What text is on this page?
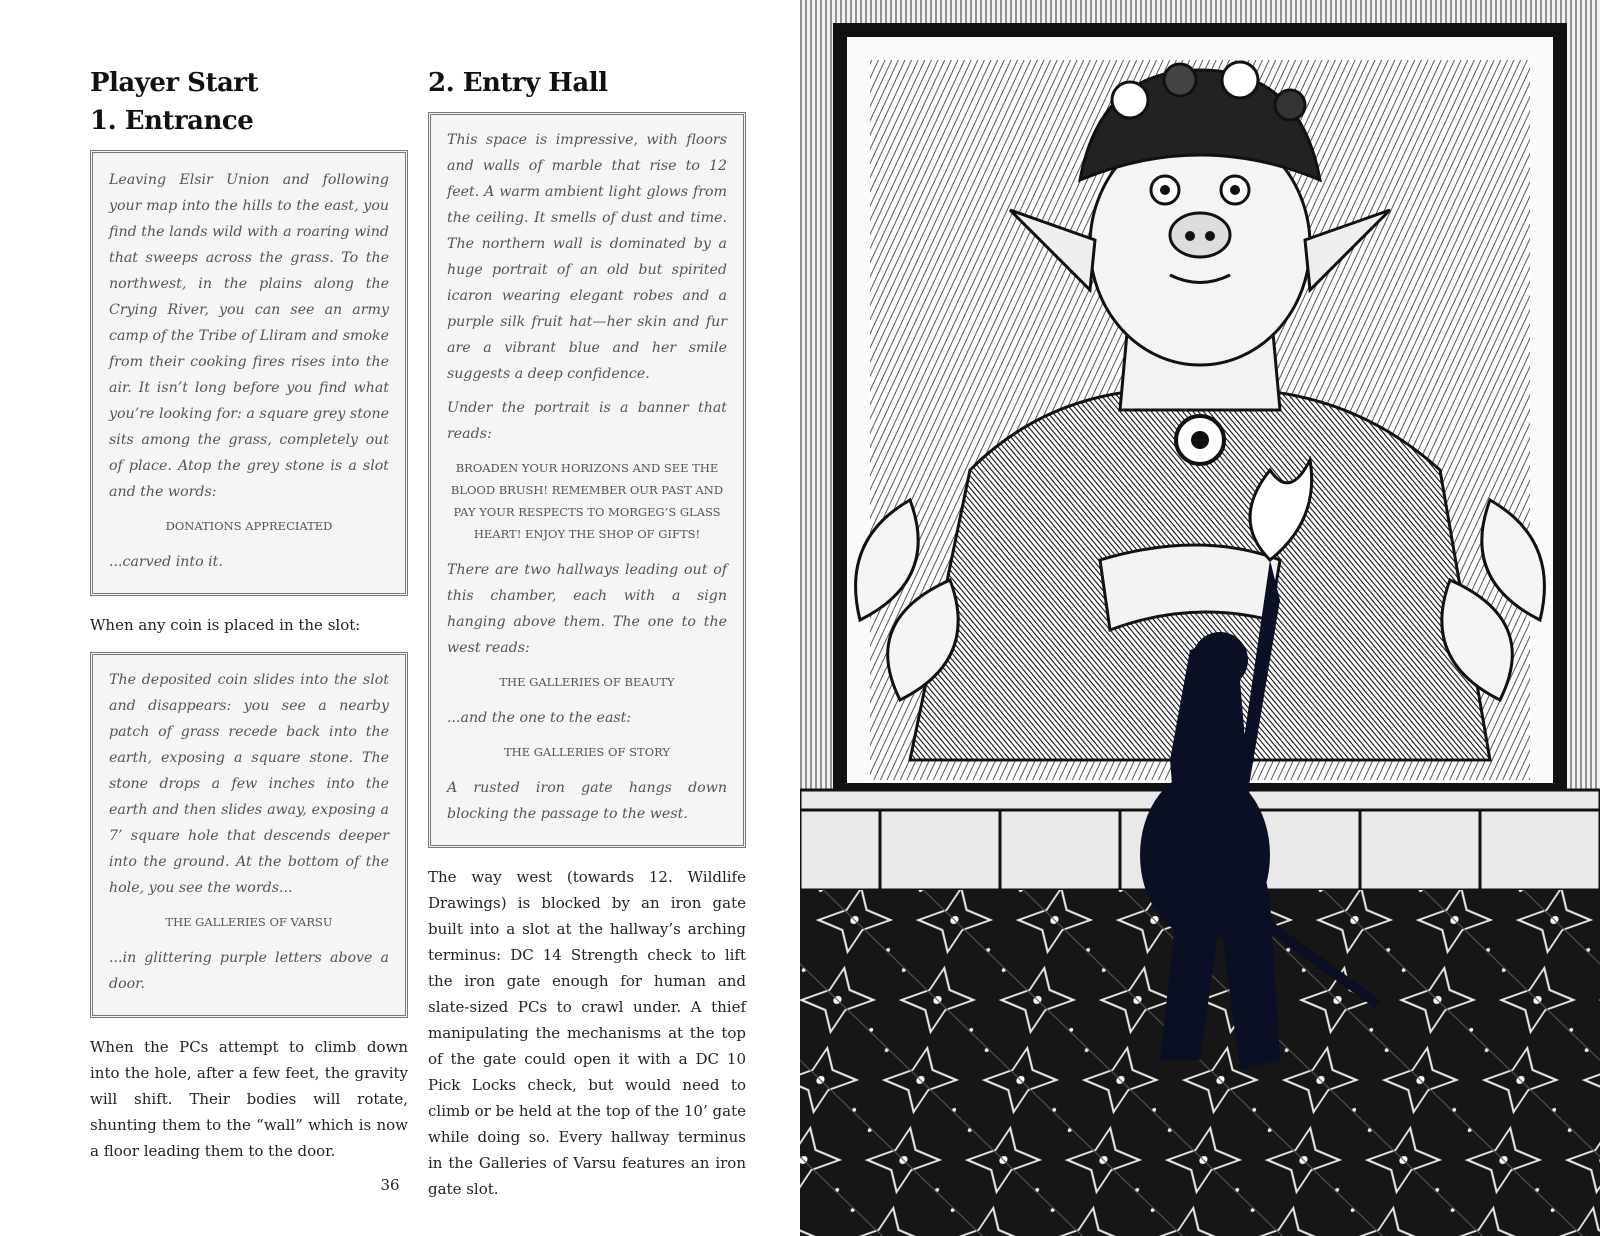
Player Start
1. Entrance

Leaving Elsir Union and following your map into the hills to the east, you find the lands wild with a roaring wind that sweeps across the grass. To the northwest, in the plains along the Crying River, you can see an army camp of the Tribe of Lliram and smoke from their cooking fires rises into the air. It isn’t long before you find what you’re looking for: a square grey stone sits among the grass, completely out of place. Atop the grey stone is a slot and the words:

DONATIONS APPRECIATED

...carved into it.

When any coin is placed in the slot:

The deposited coin slides into the slot and disappears: you see a nearby patch of grass recede back into the earth, exposing a square stone. The stone drops a few inches into the earth and then slides away, exposing a 7’ square hole that descends deeper into the ground. At the bottom of the hole, you see the words...

THE GALLERIES OF VARSU

...in glittering purple letters above a door.

When the PCs attempt to climb down into the hole, after a few feet, the gravity will shift. Their bodies will rotate, shunting them to the “wall” which is now a floor leading them to the door.

2. Entry Hall

This space is impressive, with floors and walls of marble that rise to 12 feet. A warm ambient light glows from the ceiling. It smells of dust and time. The northern wall is dominated by a huge portrait of an old but spirited icaron wearing elegant robes and a purple silk fruit hat—her skin and fur are a vibrant blue and her smile suggests a deep confidence.

Under the portrait is a banner that reads:

BROADEN YOUR HORIZONS AND SEE THE BLOOD BRUSH! REMEMBER OUR PAST AND PAY YOUR RESPECTS TO MORGEG’S GLASS HEART! ENJOY THE SHOP OF GIFTS!

There are two hallways leading out of this chamber, each with a sign hanging above them. The one to the west reads:

THE GALLERIES OF BEAUTY

...and the one to the east:

THE GALLERIES OF STORY

A rusted iron gate hangs down blocking the passage to the west.

The way west (towards 12. Wildlife Drawings) is blocked by an iron gate built into a slot at the hallway’s arching terminus: DC 14 Strength check to lift the iron gate enough for human and slate-sized PCs to crawl under. A thief manipulating the mechanisms at the top of the gate could open it with a DC 10 Pick Locks check, but would need to climb or be held at the top of the 10’ gate while doing so. Every hallway terminus in the Galleries of Varsu features an iron gate slot.

36
